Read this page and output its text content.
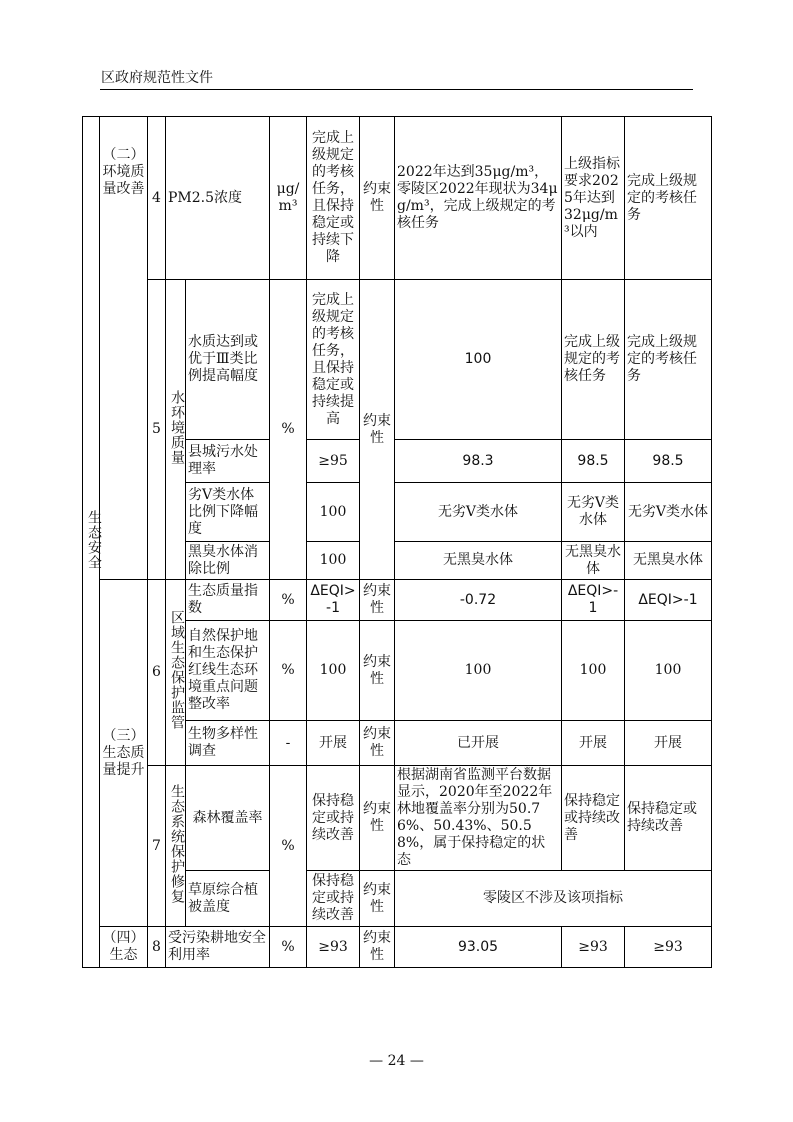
区政府规范性文件
生态安全	（二）环境质量改善	4	PM2.5浓度		μg/m³	完成上级规定的考核任务，且保持稳定或持续下降	约束性	2022年达到35μg/m³，零陵区2022年现状为34μg/m³，完成上级规定的考核任务	上级指标要求2025年达到32μg/m³以内	完成上级规定的考核任务
		5	水环境质量	水质达到或优于Ⅲ类比例提高幅度	%	完成上级规定的考核任务，且保持稳定或持续提高	约束性	100	完成上级规定的考核任务	完成上级规定的考核任务
				县城污水处理率		≥95		98.3	98.5	98.5
				劣Ⅴ类水体比例下降幅度		100		无劣Ⅴ类水体	无劣Ⅴ类水体	无劣Ⅴ类水体
				黑臭水体消除比例		100		无黑臭水体	无黑臭水体	无黑臭水体
	（三）生态质量提升	6	区域生态保护监管	生态质量指数	%	ΔEQI>-1	约束性	-0.72	ΔEQI>-1	ΔEQI>-1
				自然保护地和生态保护红线生态环境重点问题整改率	%	100	约束性	100	100	100
				生物多样性调查	-	开展	约束性	已开展	开展	开展
		7	生态系统保护修复	森林覆盖率	%	保持稳定或持续改善	约束性	根据湖南省监测平台数据显示，2020年至2022年林地覆盖率分别为50.76%、50.43%、50.58%，属于保持稳定的状态	保持稳定或持续改善	保持稳定或持续改善
				草原综合植被盖度		保持稳定或持续改善	约束性	零陵区不涉及该项指标		
	（四）生态	8	受污染耕地安全利用率		%	≥93	约束性	93.05	≥93	≥93
— 24 —
